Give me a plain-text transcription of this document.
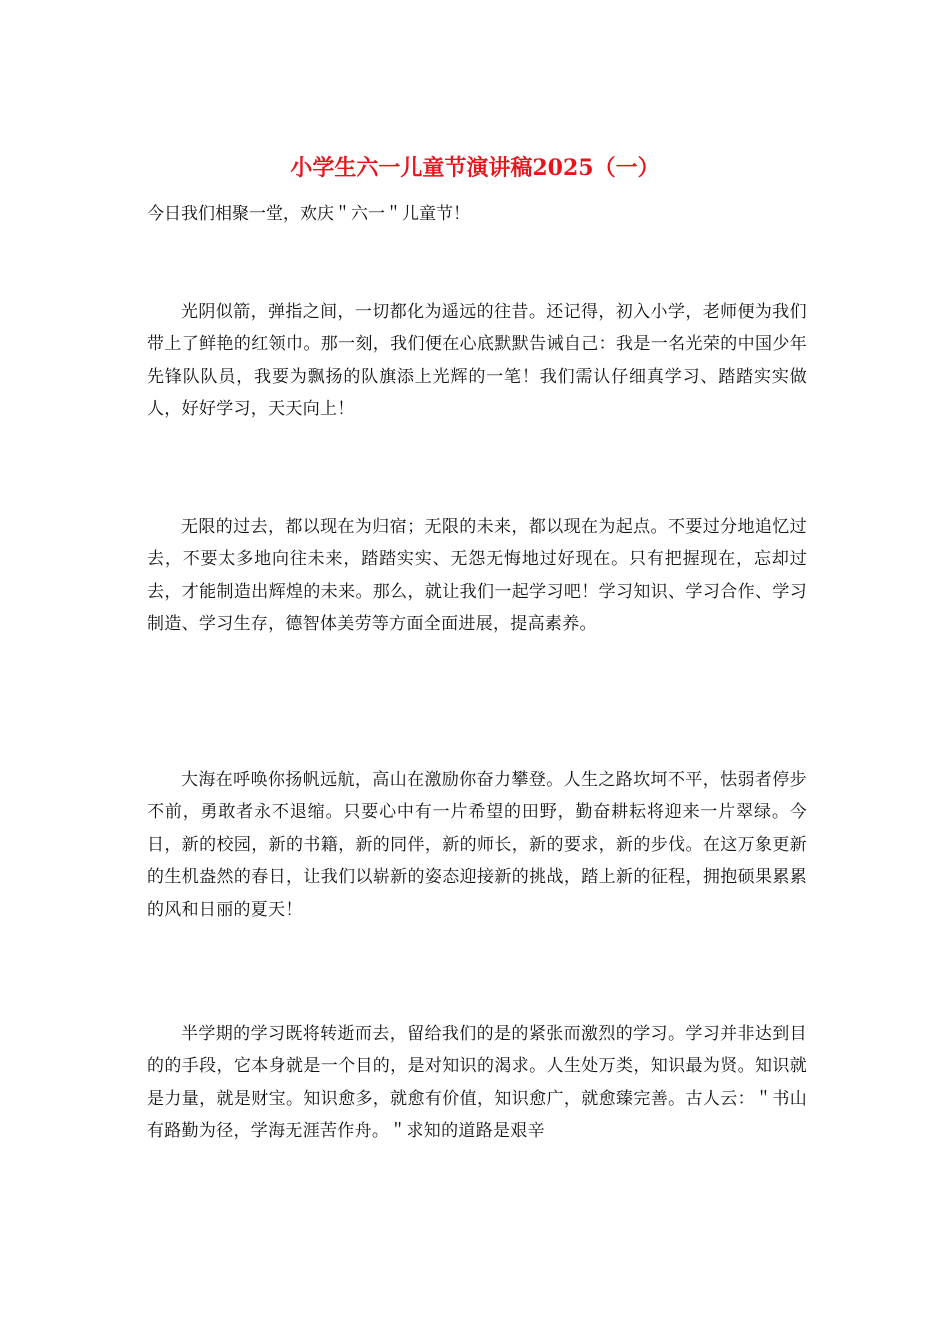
小学生六一儿童节演讲稿2025（一）

今日我们相聚一堂，欢庆＂六一＂儿童节！

光阴似箭，弹指之间，一切都化为遥远的往昔。还记得，初入小学，老师便为我们带上了鲜艳的红领巾。那一刻，我们便在心底默默告诫自己：我是一名光荣的中国少年先锋队队员，我要为飘扬的队旗添上光辉的一笔！我们需认仔细真学习、踏踏实实做人，好好学习，天天向上！

无限的过去，都以现在为归宿；无限的未来，都以现在为起点。不要过分地追忆过去，不要太多地向往未来，踏踏实实、无怨无悔地过好现在。只有把握现在，忘却过去，才能制造出辉煌的未来。那么，就让我们一起学习吧！学习知识、学习合作、学习制造、学习生存，德智体美劳等方面全面进展，提高素养。

大海在呼唤你扬帆远航，高山在激励你奋力攀登。人生之路坎坷不平，怯弱者停步不前，勇敢者永不退缩。只要心中有一片希望的田野，勤奋耕耘将迎来一片翠绿。今日，新的校园，新的书籍，新的同伴，新的师长，新的要求，新的步伐。在这万象更新的生机盎然的春日，让我们以崭新的姿态迎接新的挑战，踏上新的征程，拥抱硕果累累的风和日丽的夏天！

半学期的学习既将转逝而去，留给我们的是的紧张而激烈的学习。学习并非达到目的的手段，它本身就是一个目的，是对知识的渴求。人生处万类，知识最为贤。知识就是力量，就是财宝。知识愈多，就愈有价值，知识愈广，就愈臻完善。古人云：＂书山有路勤为径，学海无涯苦作舟。＂求知的道路是艰辛
